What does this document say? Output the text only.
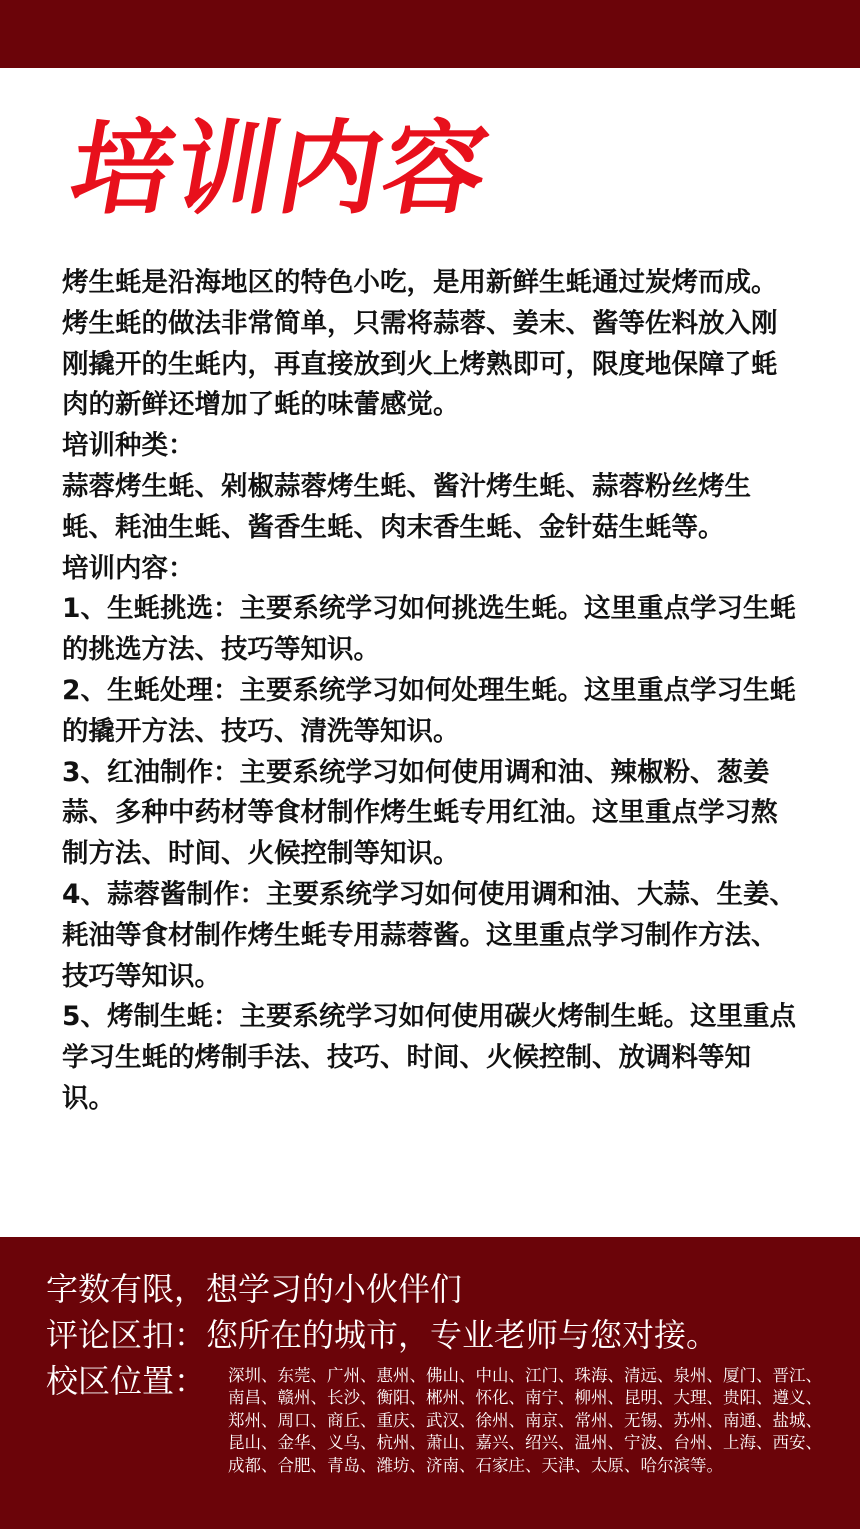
培训内容

烤生蚝是沿海地区的特色小吃，是用新鲜生蚝通过炭烤而成。烤生蚝的做法非常简单，只需将蒜蓉、姜末、酱等佐料放入刚刚撬开的生蚝内，再直接放到火上烤熟即可，限度地保障了蚝肉的新鲜还增加了蚝的味蕾感觉。

培训种类：

蒜蓉烤生蚝、剁椒蒜蓉烤生蚝、酱汁烤生蚝、蒜蓉粉丝烤生蚝、耗油生蚝、酱香生蚝、肉末香生蚝、金针菇生蚝等。

培训内容：

1、生蚝挑选：主要系统学习如何挑选生蚝。这里重点学习生蚝的挑选方法、技巧等知识。

2、生蚝处理：主要系统学习如何处理生蚝。这里重点学习生蚝的撬开方法、技巧、清洗等知识。

3、红油制作：主要系统学习如何使用调和油、辣椒粉、葱姜蒜、多种中药材等食材制作烤生蚝专用红油。这里重点学习熬制方法、时间、火候控制等知识。

4、蒜蓉酱制作：主要系统学习如何使用调和油、大蒜、生姜、耗油等食材制作烤生蚝专用蒜蓉酱。这里重点学习制作方法、技巧等知识。

5、烤制生蚝：主要系统学习如何使用碳火烤制生蚝。这里重点学习生蚝的烤制手法、技巧、时间、火候控制、放调料等知识。

字数有限，想学习的小伙伴们
评论区扣：您所在的城市，专业老师与您对接。
校区位置： 深圳、东莞、广州、惠州、佛山、中山、江门、珠海、清远、泉州、厦门、晋江、南昌、赣州、长沙、衡阳、郴州、怀化、南宁、柳州、昆明、大理、贵阳、遵义、郑州、周口、商丘、重庆、武汉、徐州、南京、常州、无锡、苏州、南通、盐城、昆山、金华、义乌、杭州、萧山、嘉兴、绍兴、温州、宁波、台州、上海、西安、成都、合肥、青岛、潍坊、济南、石家庄、天津、太原、哈尔滨等。
